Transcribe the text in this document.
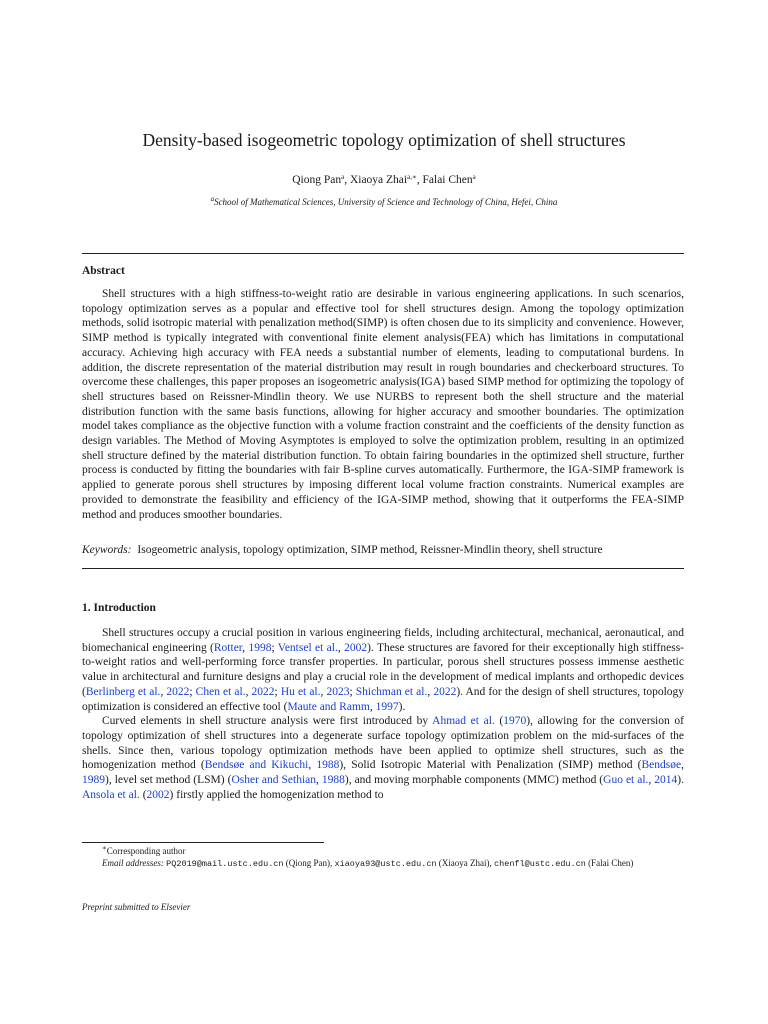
Density-based isogeometric topology optimization of shell structures
Qiong Pan$^a$, Xiaoya Zhai$^{a,∗}$, Falai Chen$^a$
$^a$School of Mathematical Sciences, University of Science and Technology of China, Hefei, China
Abstract

Shell structures with a high stiffness-to-weight ratio are desirable in various engineering applications. In such scenarios, topology optimization serves as a popular and effective tool for shell structures design. Among the topology optimization methods, solid isotropic material with penalization method(SIMP) is often chosen due to its simplicity and convenience. However, SIMP method is typically integrated with conventional finite element analysis(FEA) which has limitations in computational accuracy. Achieving high accuracy with FEA needs a substantial number of elements, leading to computational burdens. In addition, the discrete representation of the material distribution may result in rough boundaries and checkerboard structures. To overcome these challenges, this paper proposes an isogeometric analysis(IGA) based SIMP method for optimizing the topology of shell structures based on Reissner-Mindlin theory. We use NURBS to represent both the shell structure and the material distribution function with the same basis functions, allowing for higher accuracy and smoother boundaries. The optimization model takes compliance as the objective function with a volume fraction constraint and the coefficients of the density function as design variables. The Method of Moving Asymptotes is employed to solve the optimization problem, resulting in an optimized shell structure defined by the material distribution function. To obtain fairing boundaries in the optimized shell structure, further process is conducted by fitting the boundaries with fair B-spline curves automatically. Furthermore, the IGA-SIMP framework is applied to generate porous shell structures by imposing different local volume fraction constraints. Numerical examples are provided to demonstrate the feasibility and efficiency of the IGA-SIMP method, showing that it outperforms the FEA-SIMP method and produces smoother boundaries.

Keywords: Isogeometric analysis, topology optimization, SIMP method, Reissner-Mindlin theory, shell structure

1. Introduction

Shell structures occupy a crucial position in various engineering fields, including architectural, mechanical, aeronautical, and biomechanical engineering (Rotter, 1998; Ventsel et al., 2002). These structures are favored for their exceptionally high stiffness-to-weight ratios and well-performing force transfer properties. In particular, porous shell structures possess immense aesthetic value in architectural and furniture designs and play a crucial role in the development of medical implants and orthopedic devices (Berlinberg et al., 2022; Chen et al., 2022; Hu et al., 2023; Shichman et al., 2022). And for the design of shell structures, topology optimization is considered an effective tool (Maute and Ramm, 1997).

Curved elements in shell structure analysis were first introduced by Ahmad et al. (1970), allowing for the conversion of topology optimization of shell structures into a degenerate surface topology optimization problem on the mid-surfaces of the shells. Since then, various topology optimization methods have been applied to optimize shell structures, such as the homogenization method (Bendsøe and Kikuchi, 1988), Solid Isotropic Material with Penalization (SIMP) method (Bendsøe, 1989), level set method (LSM) (Osher and Sethian, 1988), and moving morphable components (MMC) method (Guo et al., 2014). Ansola et al. (2002) firstly applied the homogenization method to

∗Corresponding author
Email addresses: PQ2019@mail.ustc.edu.cn (Qiong Pan), xiaoya93@ustc.edu.cn (Xiaoya Zhai), chenfl@ustc.edu.cn (Falai Chen)
Preprint submitted to Elsevier
